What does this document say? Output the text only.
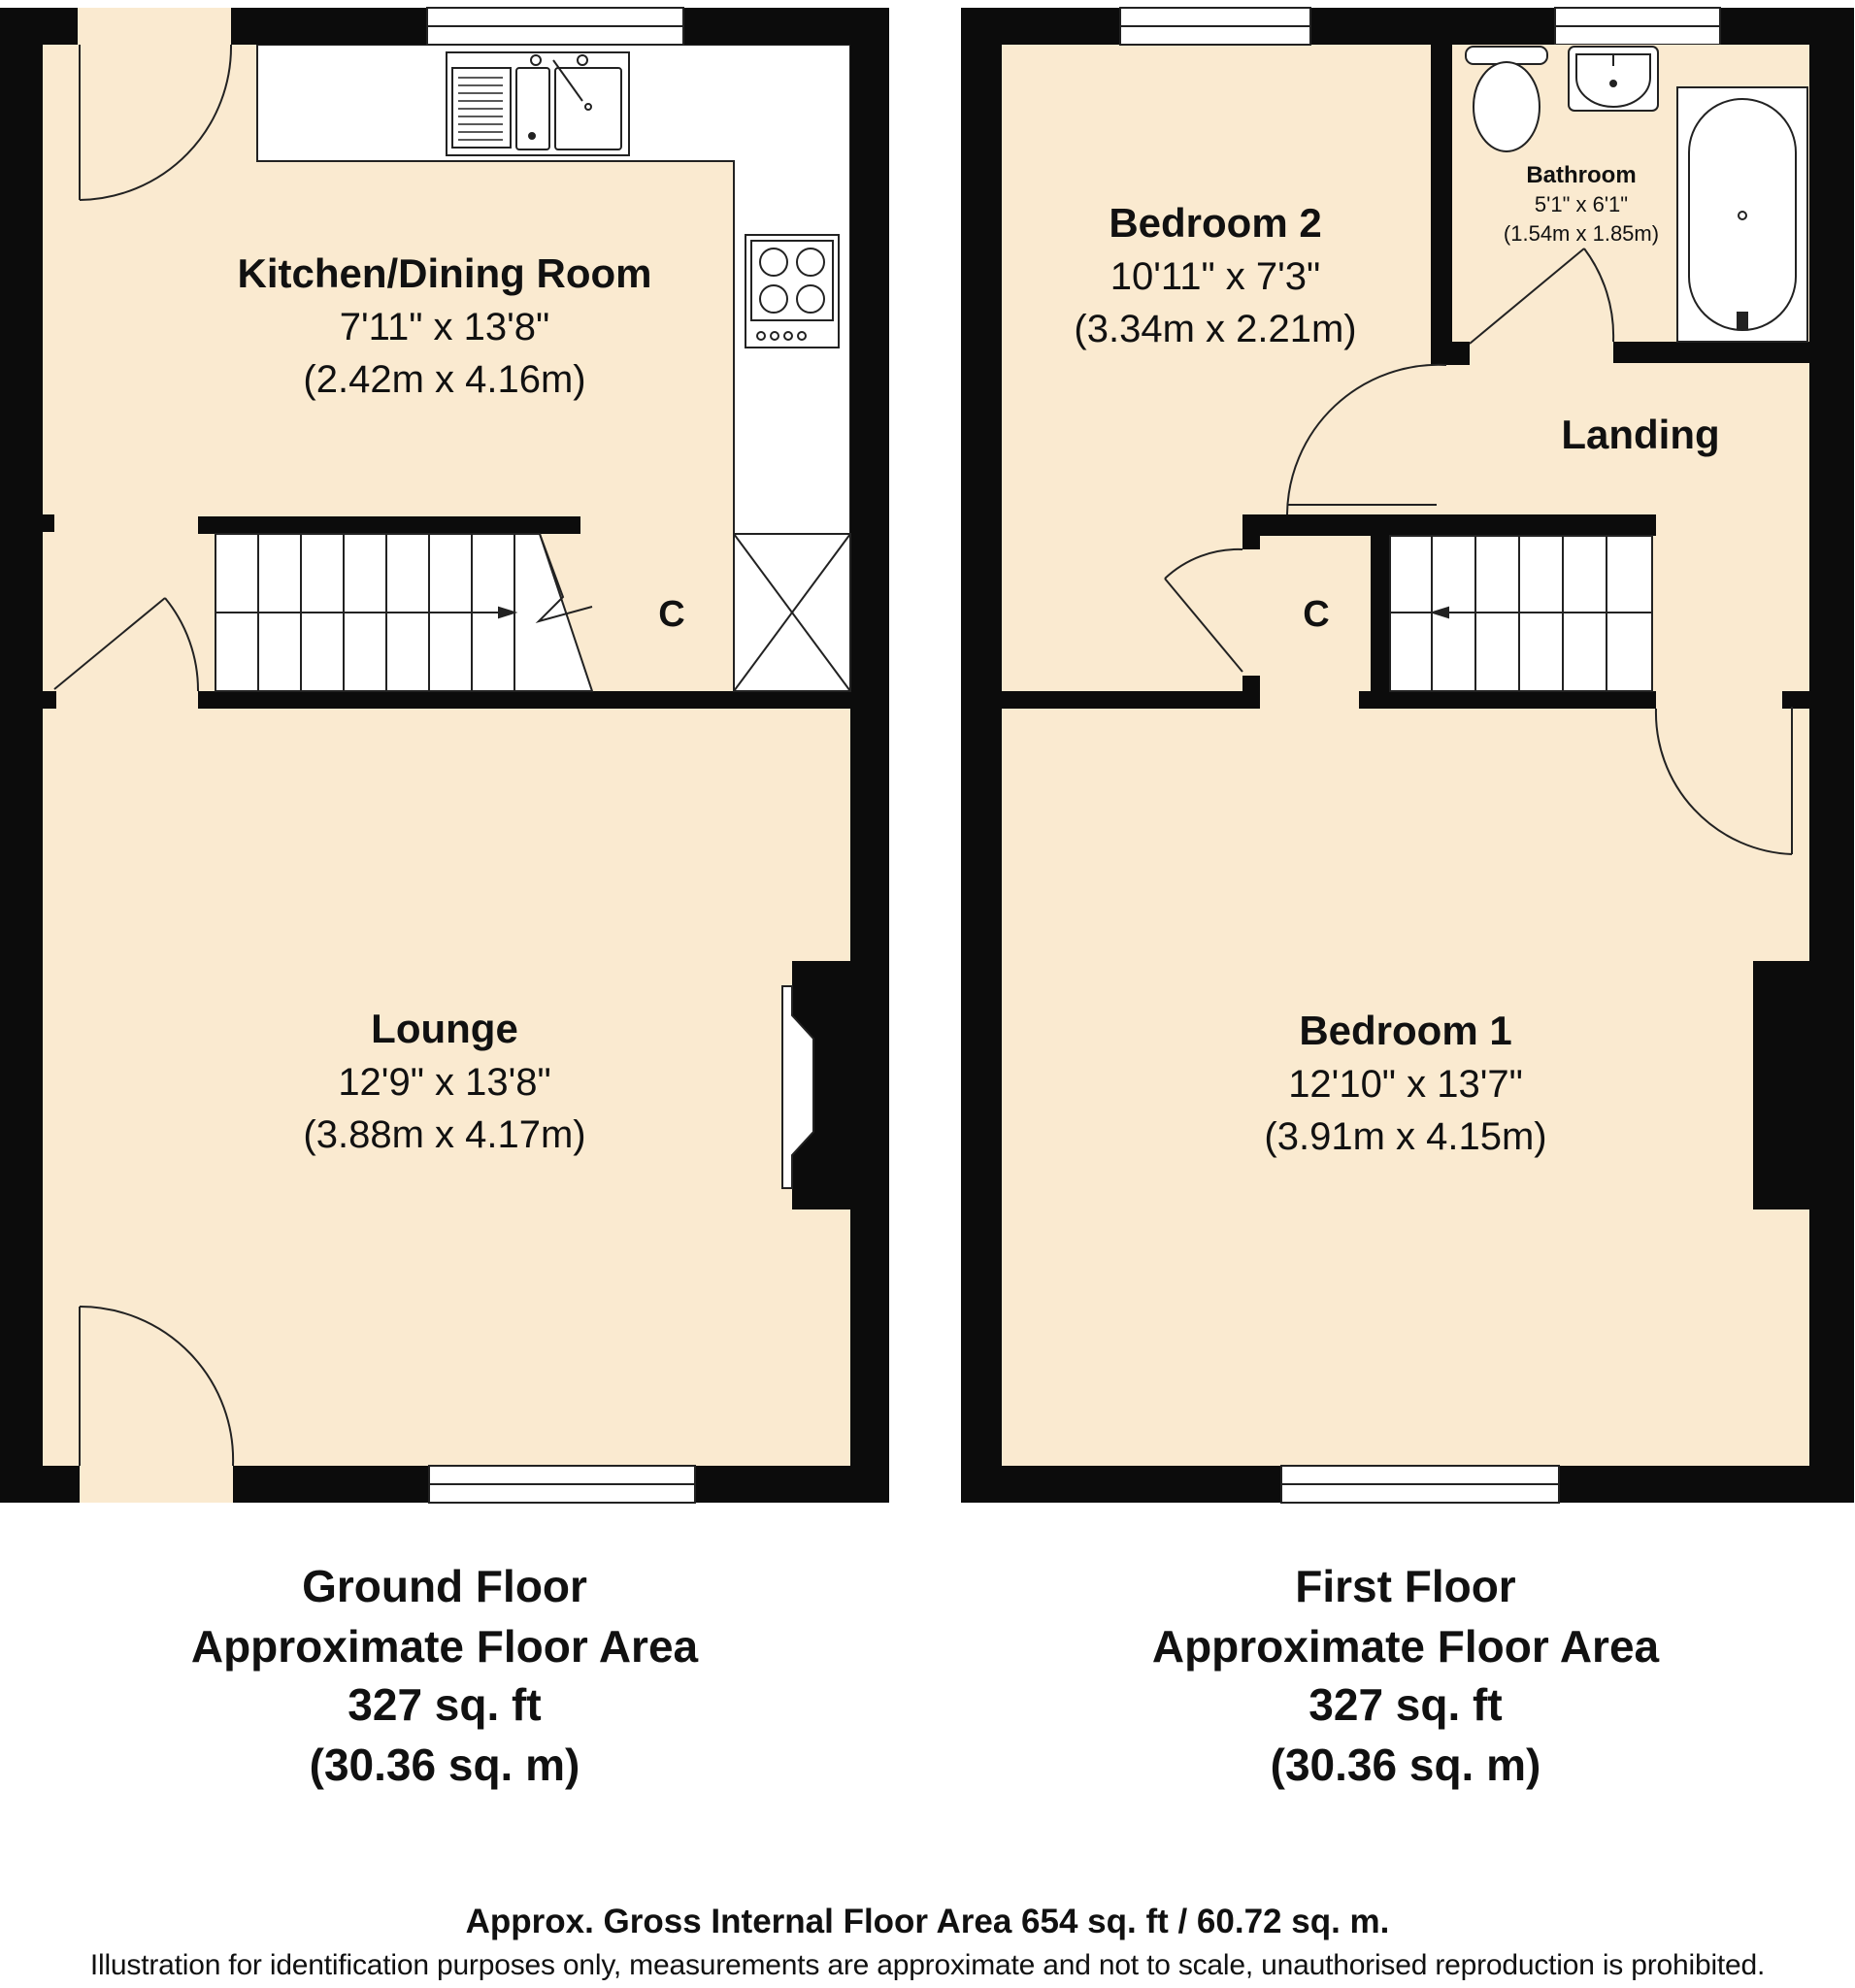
Kitchen/Dining Room
7'11" x 13'8"
(2.42m x 4.16m)
C
Lounge
12'9" x 13'8"
(3.88m x 4.17m)
Bedroom 2
10'11" x 7'3"
(3.34m x 2.21m)
Bathroom
5'1" x 6'1"
(1.54m x 1.85m)
Landing
C
Bedroom 1
12'10" x 13'7"
(3.91m x 4.15m)
Ground Floor
Approximate Floor Area
327 sq. ft
(30.36 sq. m)
First Floor
Approximate Floor Area
327 sq. ft
(30.36 sq. m)
Approx. Gross Internal Floor Area 654 sq. ft / 60.72 sq. m.
Illustration for identification purposes only, measurements are approximate and not to scale, unauthorised reproduction is prohibited.
